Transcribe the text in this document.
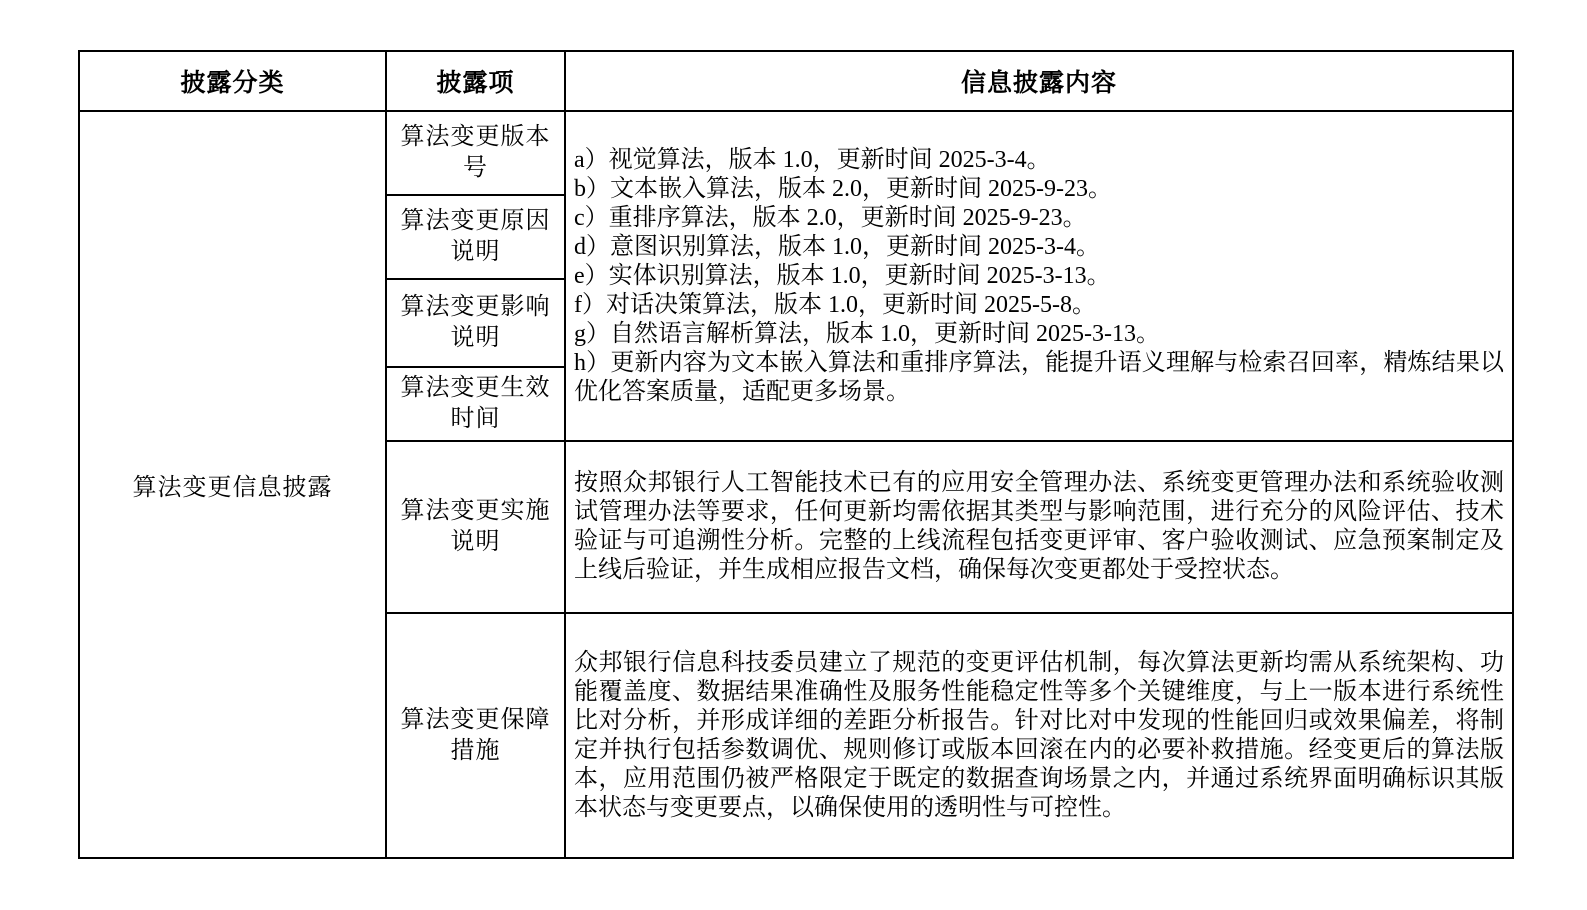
披露分类	披露项	信息披露内容
算法变更信息披露	算法变更版本号	a）视觉算法，版本 1.0，更新时间 2025-3-4。
b）文本嵌入算法，版本 2.0，更新时间 2025-9-23。
c）重排序算法，版本 2.0，更新时间 2025-9-23。
d）意图识别算法，版本 1.0，更新时间 2025-3-4。
e）实体识别算法，版本 1.0，更新时间 2025-3-13。
f）对话决策算法，版本 1.0，更新时间 2025-5-8。
g）自然语言解析算法，版本 1.0，更新时间 2025-3-13。
h）更新内容为文本嵌入算法和重排序算法，能提升语义理解与检索召回率，精炼结果以优化答案质量，适配更多场景。

	算法变更原因说明	
	算法变更影响说明	
	算法变更生效时间	
	算法变更实施说明	按照众邦银行人工智能技术已有的应用安全管理办法、系统变更管理办法和系统验收测试管理办法等要求，任何更新均需依据其类型与影响范围，进行充分的风险评估、技术验证与可追溯性分析。完整的上线流程包括变更评审、客户验收测试、应急预案制定及上线后验证，并生成相应报告文档，确保每次变更都处于受控状态。

	算法变更保障措施	众邦银行信息科技委员建立了规范的变更评估机制，每次算法更新均需从系统架构、功能覆盖度、数据结果准确性及服务性能稳定性等多个关键维度，与上一版本进行系统性比对分析，并形成详细的差距分析报告。针对比对中发现的性能回归或效果偏差，将制定并执行包括参数调优、规则修订或版本回滚在内的必要补救措施。经变更后的算法版本，应用范围仍被严格限定于既定的数据查询场景之内，并通过系统界面明确标识其版本状态与变更要点，以确保使用的透明性与可控性。
